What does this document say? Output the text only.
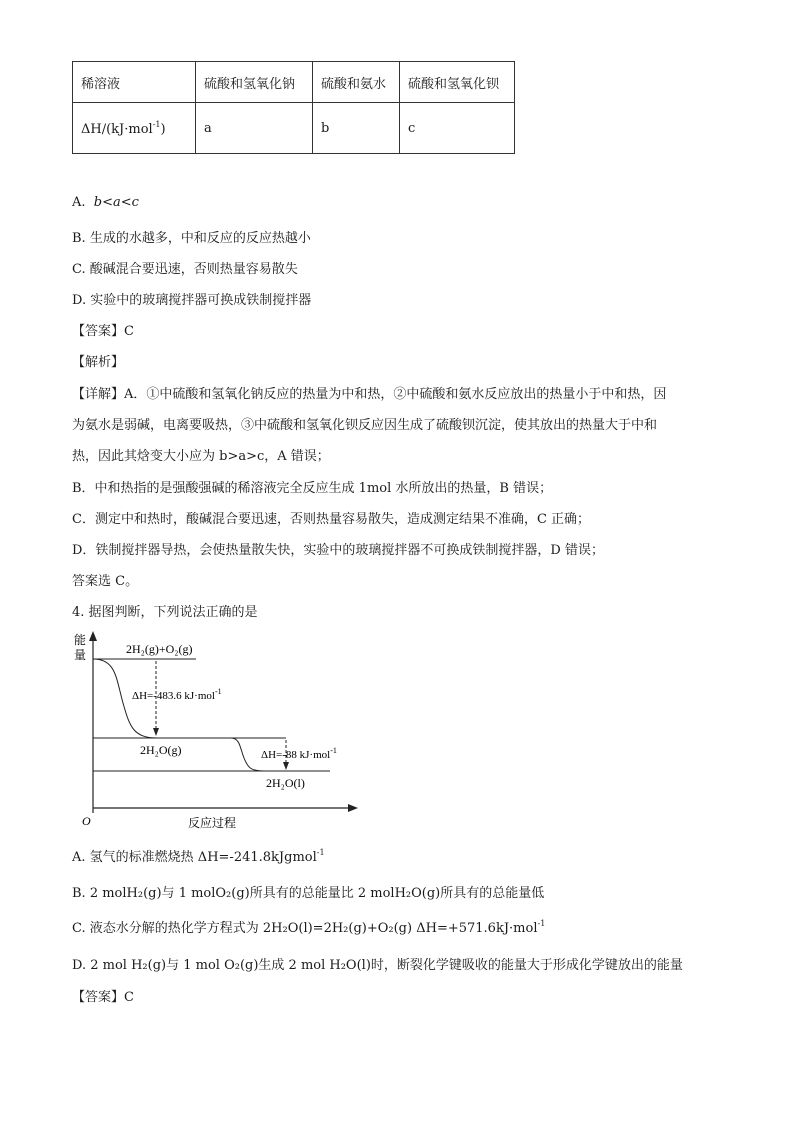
稀溶液	硫酸和氢氧化钠	硫酸和氨水	硫酸和氢氧化钡
ΔH/(kJ·mol$^{-1}$)	a	b	c
A. b<a<c
B. 生成的水越多，中和反应的反应热越小
C. 酸碱混合要迅速，否则热量容易散失
D. 实验中的玻璃搅拌器可换成铁制搅拌器
【答案】C
【解析】
【详解】A．①中硫酸和氢氧化钠反应的热量为中和热，②中硫酸和氨水反应放出的热量小于中和热，因
为氨水是弱碱，电离要吸热，③中硫酸和氢氧化钡反应因生成了硫酸钡沉淀，使其放出的热量大于中和
热，因此其焓变大小应为 b>a>c，A 错误；
B．中和热指的是强酸强碱的稀溶液完全反应生成 1mol 水所放出的热量，B 错误；
C．测定中和热时，酸碱混合要迅速，否则热量容易散失，造成测定结果不准确，C 正确；
D．铁制搅拌器导热，会使热量散失快，实验中的玻璃搅拌器不可换成铁制搅拌器，D 错误；
答案选 C。
4. 据图判断，下列说法正确的是
能
量
O	反应过程
2H₂(g)+O₂(g)
ΔH=-483.6 kJ·mol$^{-1}$
2H₂O(g)	ΔH=-88 kJ·mol$^{-1}$
2H₂O(l)
A. 氢气的标准燃烧热 ΔH=-241.8kJgmol$^{-1}$
B. 2 molH₂(g)与 1 molO₂(g)所具有的总能量比 2 molH₂O(g)所具有的总能量低
C. 液态水分解的热化学方程式为 2H₂O(l)=2H₂(g)+O₂(g) ΔH=+571.6kJ·mol$^{-1}$
D. 2 mol H₂(g)与 1 mol O₂(g)生成 2 mol H₂O(l)时，断裂化学键吸收的能量大于形成化学键放出的能量
【答案】C
